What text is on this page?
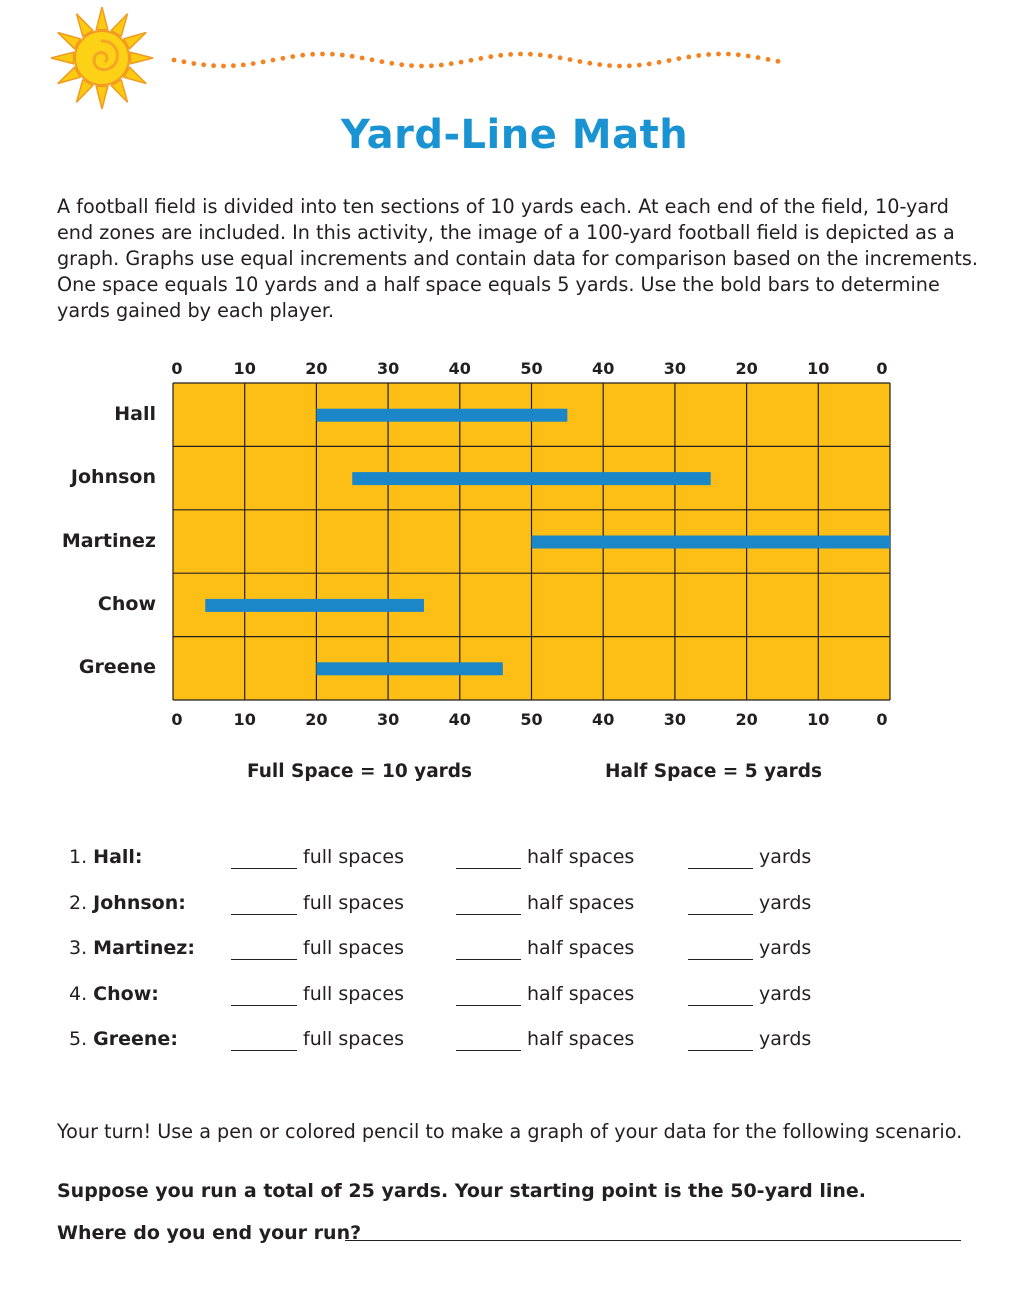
Yard-Line Math
A football field is divided into ten sections of 10 yards each. At each end of the field, 10-yard end zones are included. In this activity, the image of a 100-yard football field is depicted as a graph. Graphs use equal increments and contain data for comparison based on the increments. One space equals 10 yards and a half space equals 5 yards. Use the bold bars to determine yards gained by each player.
0	10	20	30	40	50	40	30	20	10	0
Hall
Johnson
Martinez
Chow
Greene
0	10	20	30	40	50	40	30	20	10	0
Full Space = 10 yards	Half Space = 5 yards
1. Hall:	full spaces	half spaces	yards
2. Johnson:	full spaces	half spaces	yards
3. Martinez:	full spaces	half spaces	yards
4. Chow:	full spaces	half spaces	yards
5. Greene:	full spaces	half spaces	yards
Your turn! Use a pen or colored pencil to make a graph of your data for the following scenario.
Suppose you run a total of 25 yards. Your starting point is the 50-yard line.
Where do you end your run?
